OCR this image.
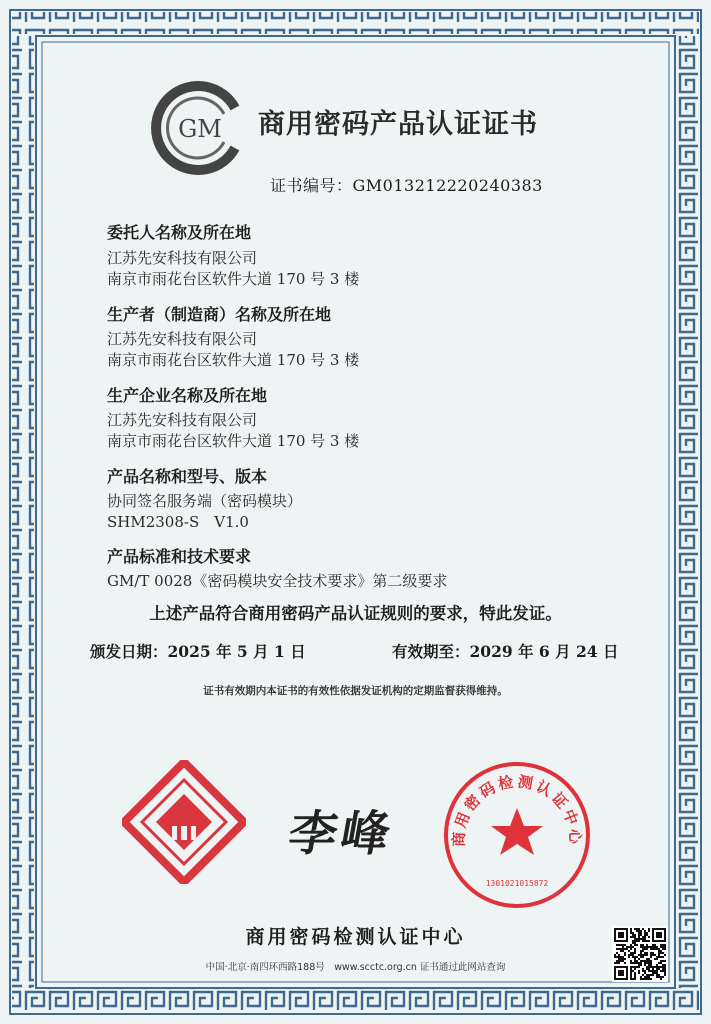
GM 商用密码产品认证证书
证书编号：GM013212220240383
委托人名称及所在地
江苏先安科技有限公司
南京市雨花台区软件大道 170 号 3 楼
生产者（制造商）名称及所在地
江苏先安科技有限公司
南京市雨花台区软件大道 170 号 3 楼
生产企业名称及所在地
江苏先安科技有限公司
南京市雨花台区软件大道 170 号 3 楼
产品名称和型号、版本
协同签名服务端（密码模块）
SHM2308-S　V1.0
产品标准和技术要求
GM/T 0028《密码模块安全技术要求》第二级要求
上述产品符合商用密码产品认证规则的要求，特此发证。
颁发日期：2025 年 5 月 1 日	有效期至：2029 年 6 月 24 日
证书有效期内本证书的有效性依据发证机构的定期监督获得维持。
李峰	商用密码检测认证中心
1301021015872
商用密码检测认证中心
中国·北京·南四环西路188号　www.scctc.org.cn 证书通过此网站查询
